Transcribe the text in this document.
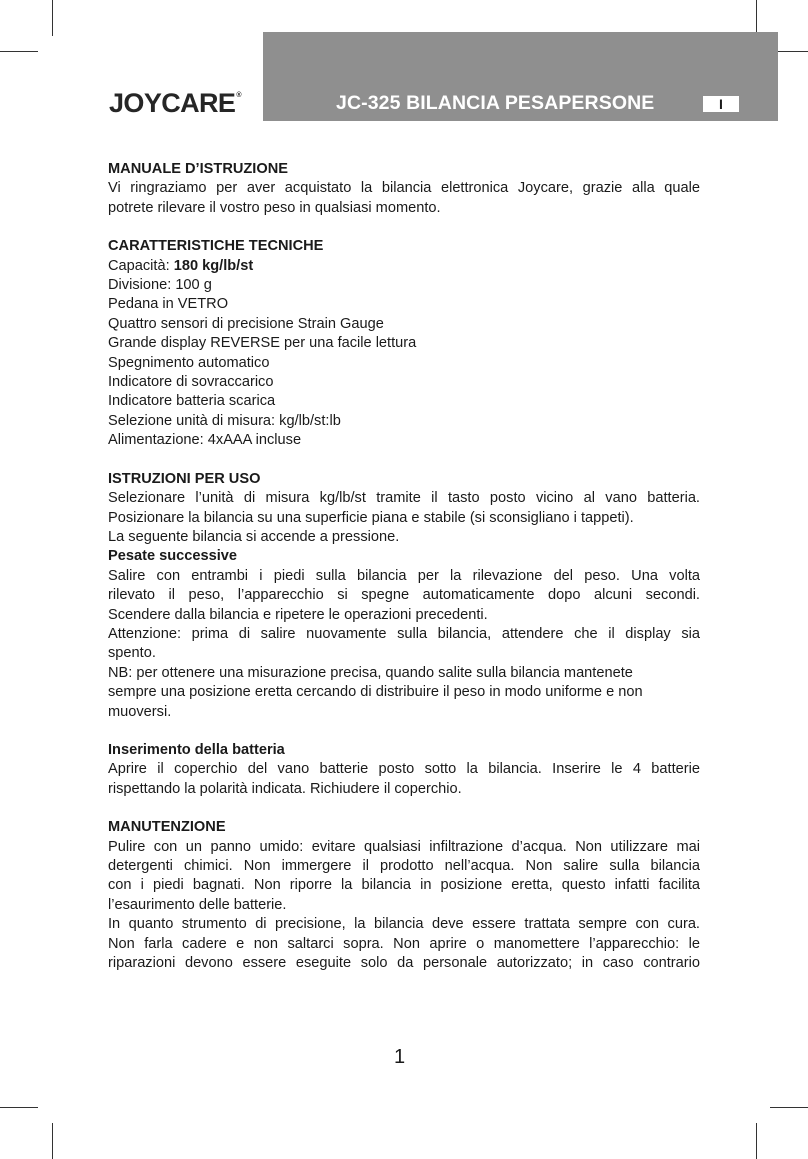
JOYCARE®	JC-325 BILANCIA PESAPERSONE	I

MANUALE D’ISTRUZIONE

Vi ringraziamo per aver acquistato la bilancia elettronica Joycare, grazie alla quale

potrete rilevare il vostro peso in qualsiasi momento.

CARATTERISTICHE TECNICHE

Capacità: 180 kg/lb/st

Divisione: 100 g

Pedana in VETRO

Quattro sensori di precisione Strain Gauge

Grande display REVERSE per una facile lettura

Spegnimento automatico

Indicatore di sovraccarico

Indicatore batteria scarica

Selezione unità di misura: kg/lb/st:lb

Alimentazione: 4xAAA incluse

ISTRUZIONI PER USO

Selezionare l’unità di misura kg/lb/st tramite il tasto posto vicino al vano batteria.

Posizionare la bilancia su una superficie piana e stabile (si sconsigliano i tappeti).

La seguente bilancia si accende a pressione.

Pesate successive

Salire con entrambi i piedi sulla bilancia per la rilevazione del peso. Una volta

rilevato il peso, l’apparecchio si spegne automaticamente dopo alcuni secondi.

Scendere dalla bilancia e ripetere le operazioni precedenti.

Attenzione: prima di salire nuovamente sulla bilancia, attendere che il display sia

spento.

NB: per ottenere una misurazione precisa, quando salite sulla bilancia mantenete

sempre una posizione eretta cercando di distribuire il peso in modo uniforme e non

muoversi.

Inserimento della batteria

Aprire il coperchio del vano batterie posto sotto la bilancia. Inserire le 4 batterie

rispettando la polarità indicata. Richiudere il coperchio.

MANUTENZIONE

Pulire con un panno umido: evitare qualsiasi infiltrazione d’acqua. Non utilizzare mai

detergenti chimici. Non immergere il prodotto nell’acqua. Non salire sulla bilancia

con i piedi bagnati. Non riporre la bilancia in posizione eretta, questo infatti facilita

l’esaurimento delle batterie.

In quanto strumento di precisione, la bilancia deve essere trattata sempre con cura.

Non farla cadere e non saltarci sopra. Non aprire o manomettere l’apparecchio: le

riparazioni devono essere eseguite solo da personale autorizzato; in caso contrario

1
